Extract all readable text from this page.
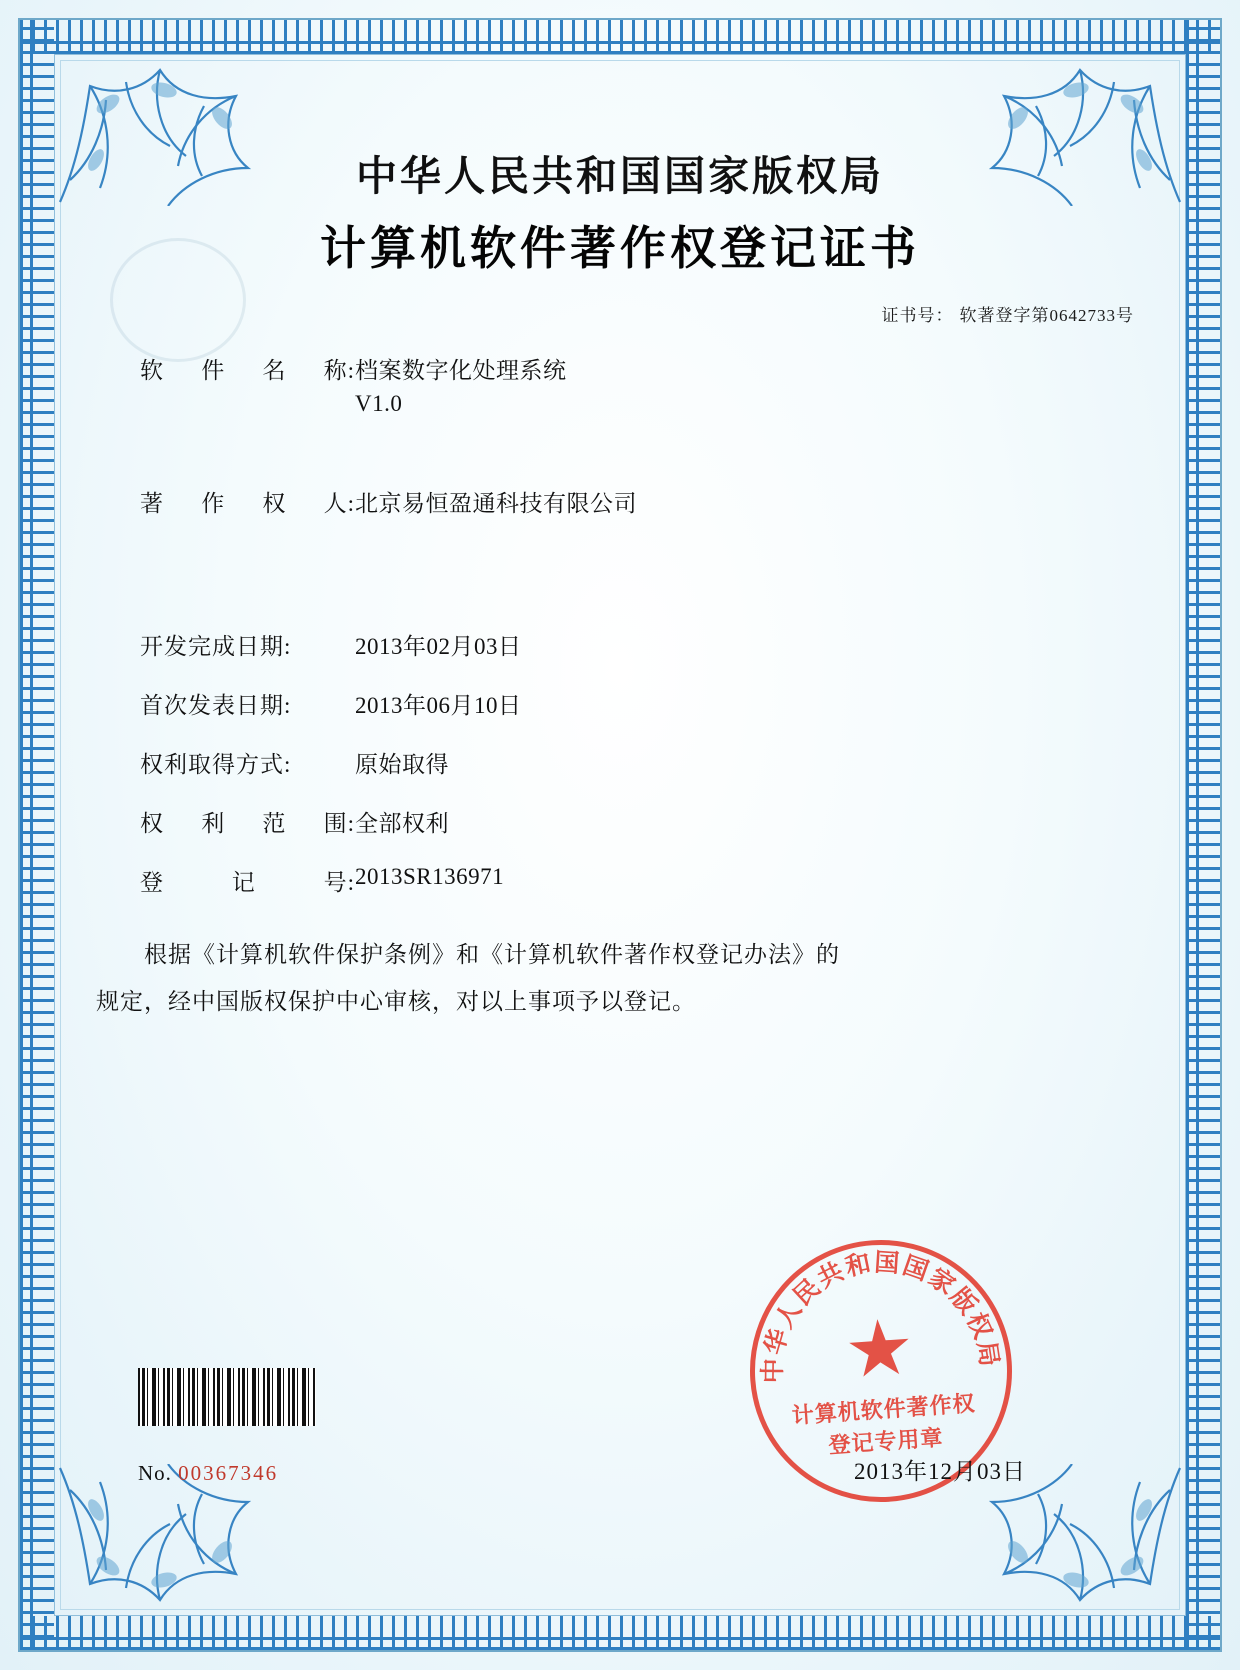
中华人民共和国国家版权局
计算机软件著作权登记证书
证书号： 软著登字第0642733号
软 件 名 称: 档案数字化处理系统
V1.0
著 作 权 人: 北京易恒盈通科技有限公司
开发完成日期:	2013年02月03日
首次发表日期:	2013年06月10日
权利取得方式:	原始取得
权 利 范 围: 全部权利
登	记	号: 2013SR136971

根据《计算机软件保护条例》和《计算机软件著作权登记办法》的

规定，经中国版权保护中心审核，对以上事项予以登记。

中华人民共和国国家版权局
计算机软件著作权
登记专用章
No. 00367346	2013年12月03日
